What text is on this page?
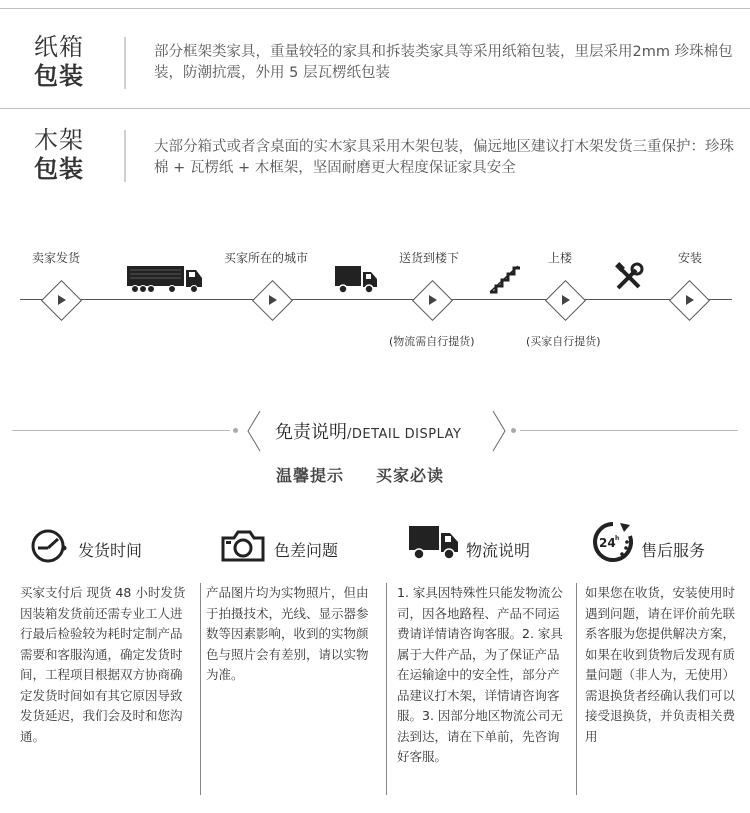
纸箱
包装
部分框架类家具，重量较轻的家具和拆装类家具等采用纸箱包装，里层采用2mm 珍珠棉包装，防潮抗震，外用 5 层瓦楞纸包装
木架
包装
大部分箱式或者含桌面的实木家具采用木架包装，偏远地区建议打木架发货三重保护：珍珠棉 + 瓦楞纸 + 木框架，坚固耐磨更大程度保证家具安全
卖家发货	买家所在的城市	送货到楼下	上楼	安装
(物流需自行提货)	(买家自行提货)
免责说明/DETAIL DISPLAY
温馨提示 买家必读
发货时间
买家支付后 现货 48 小时发货 因装箱发货前还需专业工人进行最后检验较为耗时定制产品需要和客服沟通，确定发货时间，工程项目根据双方协商确定发货时间如有其它原因导致发货延迟，我们会及时和您沟通。
色差问题
产品图片均为实物照片，但由于拍摄技术，光线、显示器参数等因素影响，收到的实物颜色与照片会有差别，请以实物为准。
物流说明
1. 家具因特殊性只能发物流公司，因各地路程、产品不同运费请详情请咨询客服。2. 家具属于大件产品，为了保证产品在运输途中的安全性，部分产品建议打木架，详情请咨询客服。3. 因部分地区物流公司无法到达，请在下单前，先咨询好客服。
24 h
售后服务
如果您在收货，安装使用时遇到问题，请在评价前先联系客服为您提供解决方案，如果在收到货物后发现有质量问题（非人为，无使用）需退换货者经确认我们可以接受退换货，并负责相关费用
